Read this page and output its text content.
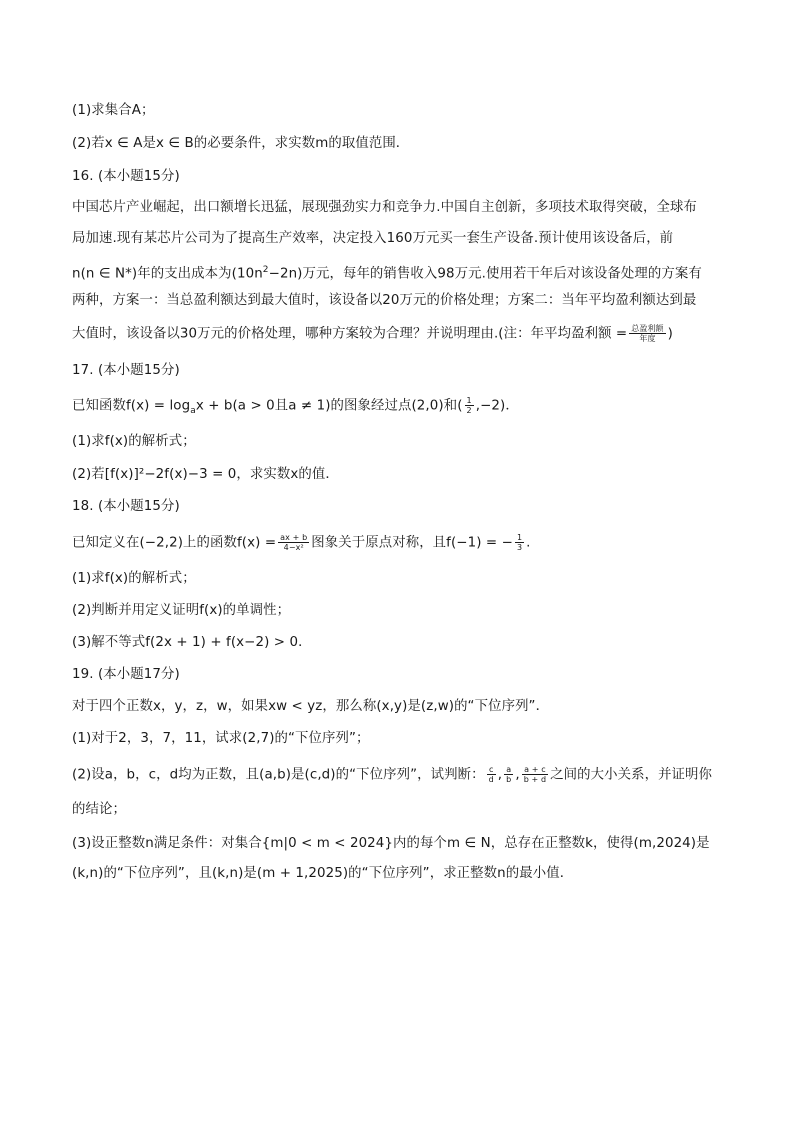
(1)求集合A；
(2)若x ∈ A是x ∈ B的必要条件，求实数m的取值范围．
16. (本小题15分)
中国芯片产业崛起，出口额增长迅猛，展现强劲实力和竞争力.中国自主创新，多项技术取得突破，全球布
局加速.现有某芯片公司为了提高生产效率，决定投入160万元买一套生产设备.预计使用该设备后，前
n(n ∈ N*)年的支出成本为$(10n^2-2n)$万元，每年的销售收入98万元.使用若干年后对该设备处理的方案有
两种，方案一：当总盈利额达到最大值时，该设备以20万元的价格处理；方案二：当年平均盈利额达到最
大值时，该设备以30万元的价格处理，哪种方案较为合理？并说明理由.(注：年平均盈利额 = $\frac{\text{总盈利额}}{\text{年度}}$ )
17. (本小题15分)
已知函数$f(x) = \log_ax + b(a > 0$且a ≠ 1)的图象经过点(2,0)和( $\frac{1}{2} ,-2$)．
(1)求f(x)的解析式；
(2)若[f(x)]²−2f(x)−3 = 0，求实数x的值．
18. (本小题15分)
已知定义在(−2,2)上的函数$f(x) = \frac{ax + b}{\text{4−x²}}$ 图象关于原点对称，且f(−1) = − $\frac{1}{3}$ .
(1)求f(x)的解析式；
(2)判断并用定义证明f(x)的单调性；
(3)解不等式f(2x + 1) + f(x−2) > 0．
19. (本小题17分)
对于四个正数x，y，z，w，如果xw < yz，那么称(x,y)是(z,w)的“下位序列”．
(1)对于2，3，7，11，试求(2,7)的“下位序列”；
(2)设a，b，c，d均为正数，且(a,b)是(c,d)的“下位序列”，试判断： $\frac{c}{d}$ , $\frac{a}{b}$ , $\frac{a + c}{b + d}$ 之间的大小关系，并证明你
的结论；
(3)设正整数n满足条件：对集合{m|0 < m < 2024}内的每个m ∈ N，总存在正整数k，使得(m,2024)是
(k,n)的“下位序列”，且(k,n)是(m + 1,2025)的“下位序列”，求正整数n的最小值．
